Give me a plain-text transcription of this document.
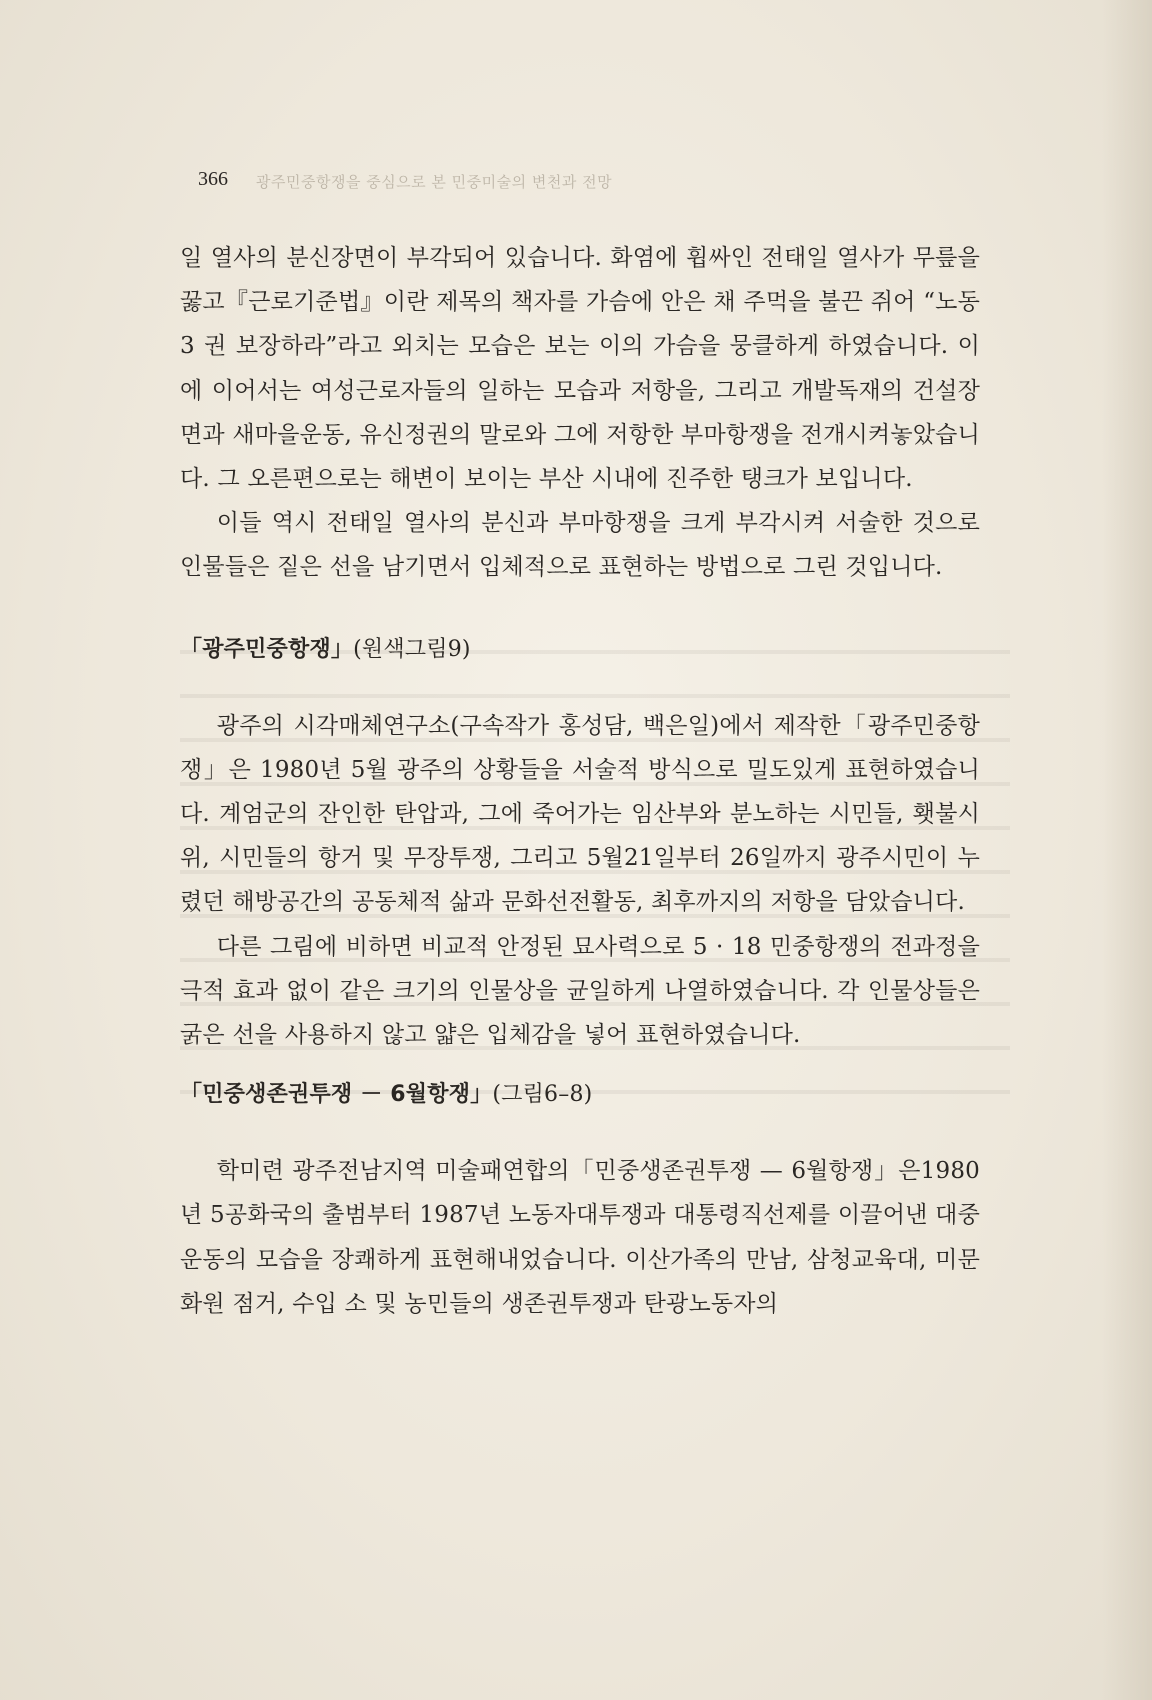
366 광주민중항쟁을 중심으로 본 민중미술의 변천과 전망

일 열사의 분신장면이 부각되어 있습니다. 화염에 휩싸인 전태일 열사가 무릎을 꿇고『근로기준법』이란 제목의 책자를 가슴에 안은 채 주먹을 불끈 쥐어 “노동 3 권 보장하라”라고 외치는 모습은 보는 이의 가슴을 뭉클하게 하였습니다. 이에 이어서는 여성근로자들의 일하는 모습과 저항을, 그리고 개발독재의 건설장면과 새마을운동, 유신정권의 말로와 그에 저항한 부마항쟁을 전개시켜놓았습니다. 그 오른편으로는 해변이 보이는 부산 시내에 진주한 탱크가 보입니다.

이들 역시 전태일 열사의 분신과 부마항쟁을 크게 부각시켜 서술한 것으로 인물들은 짙은 선을 남기면서 입체적으로 표현하는 방법으로 그린 것입니다.

「광주민중항쟁」(원색그림9)

광주의 시각매체연구소(구속작가 홍성담, 백은일)에서 제작한「광주민중항쟁」은 1980년 5월 광주의 상황들을 서술적 방식으로 밀도있게 표현하였습니다. 계엄군의 잔인한 탄압과, 그에 죽어가는 임산부와 분노하는 시민들, 횃불시위, 시민들의 항거 및 무장투쟁, 그리고 5월21일부터 26일까지 광주시민이 누렸던 해방공간의 공동체적 삶과 문화선전활동, 최후까지의 저항을 담았습니다.

다른 그림에 비하면 비교적 안정된 묘사력으로 5 · 18 민중항쟁의 전과정을 극적 효과 없이 같은 크기의 인물상을 균일하게 나열하였습니다. 각 인물상들은 굵은 선을 사용하지 않고 얇은 입체감을 넣어 표현하였습니다.

「민중생존권투쟁 － 6월항쟁」(그림6–8)

학미련 광주전남지역 미술패연합의「민중생존권투쟁 — 6월항쟁」은1980년 5공화국의 출범부터 1987년 노동자대투쟁과 대통령직선제를 이끌어낸 대중운동의 모습을 장쾌하게 표현해내었습니다. 이산가족의 만남, 삼청교육대, 미문화원 점거, 수입 소 및 농민들의 생존권투쟁과 탄광노동자의
